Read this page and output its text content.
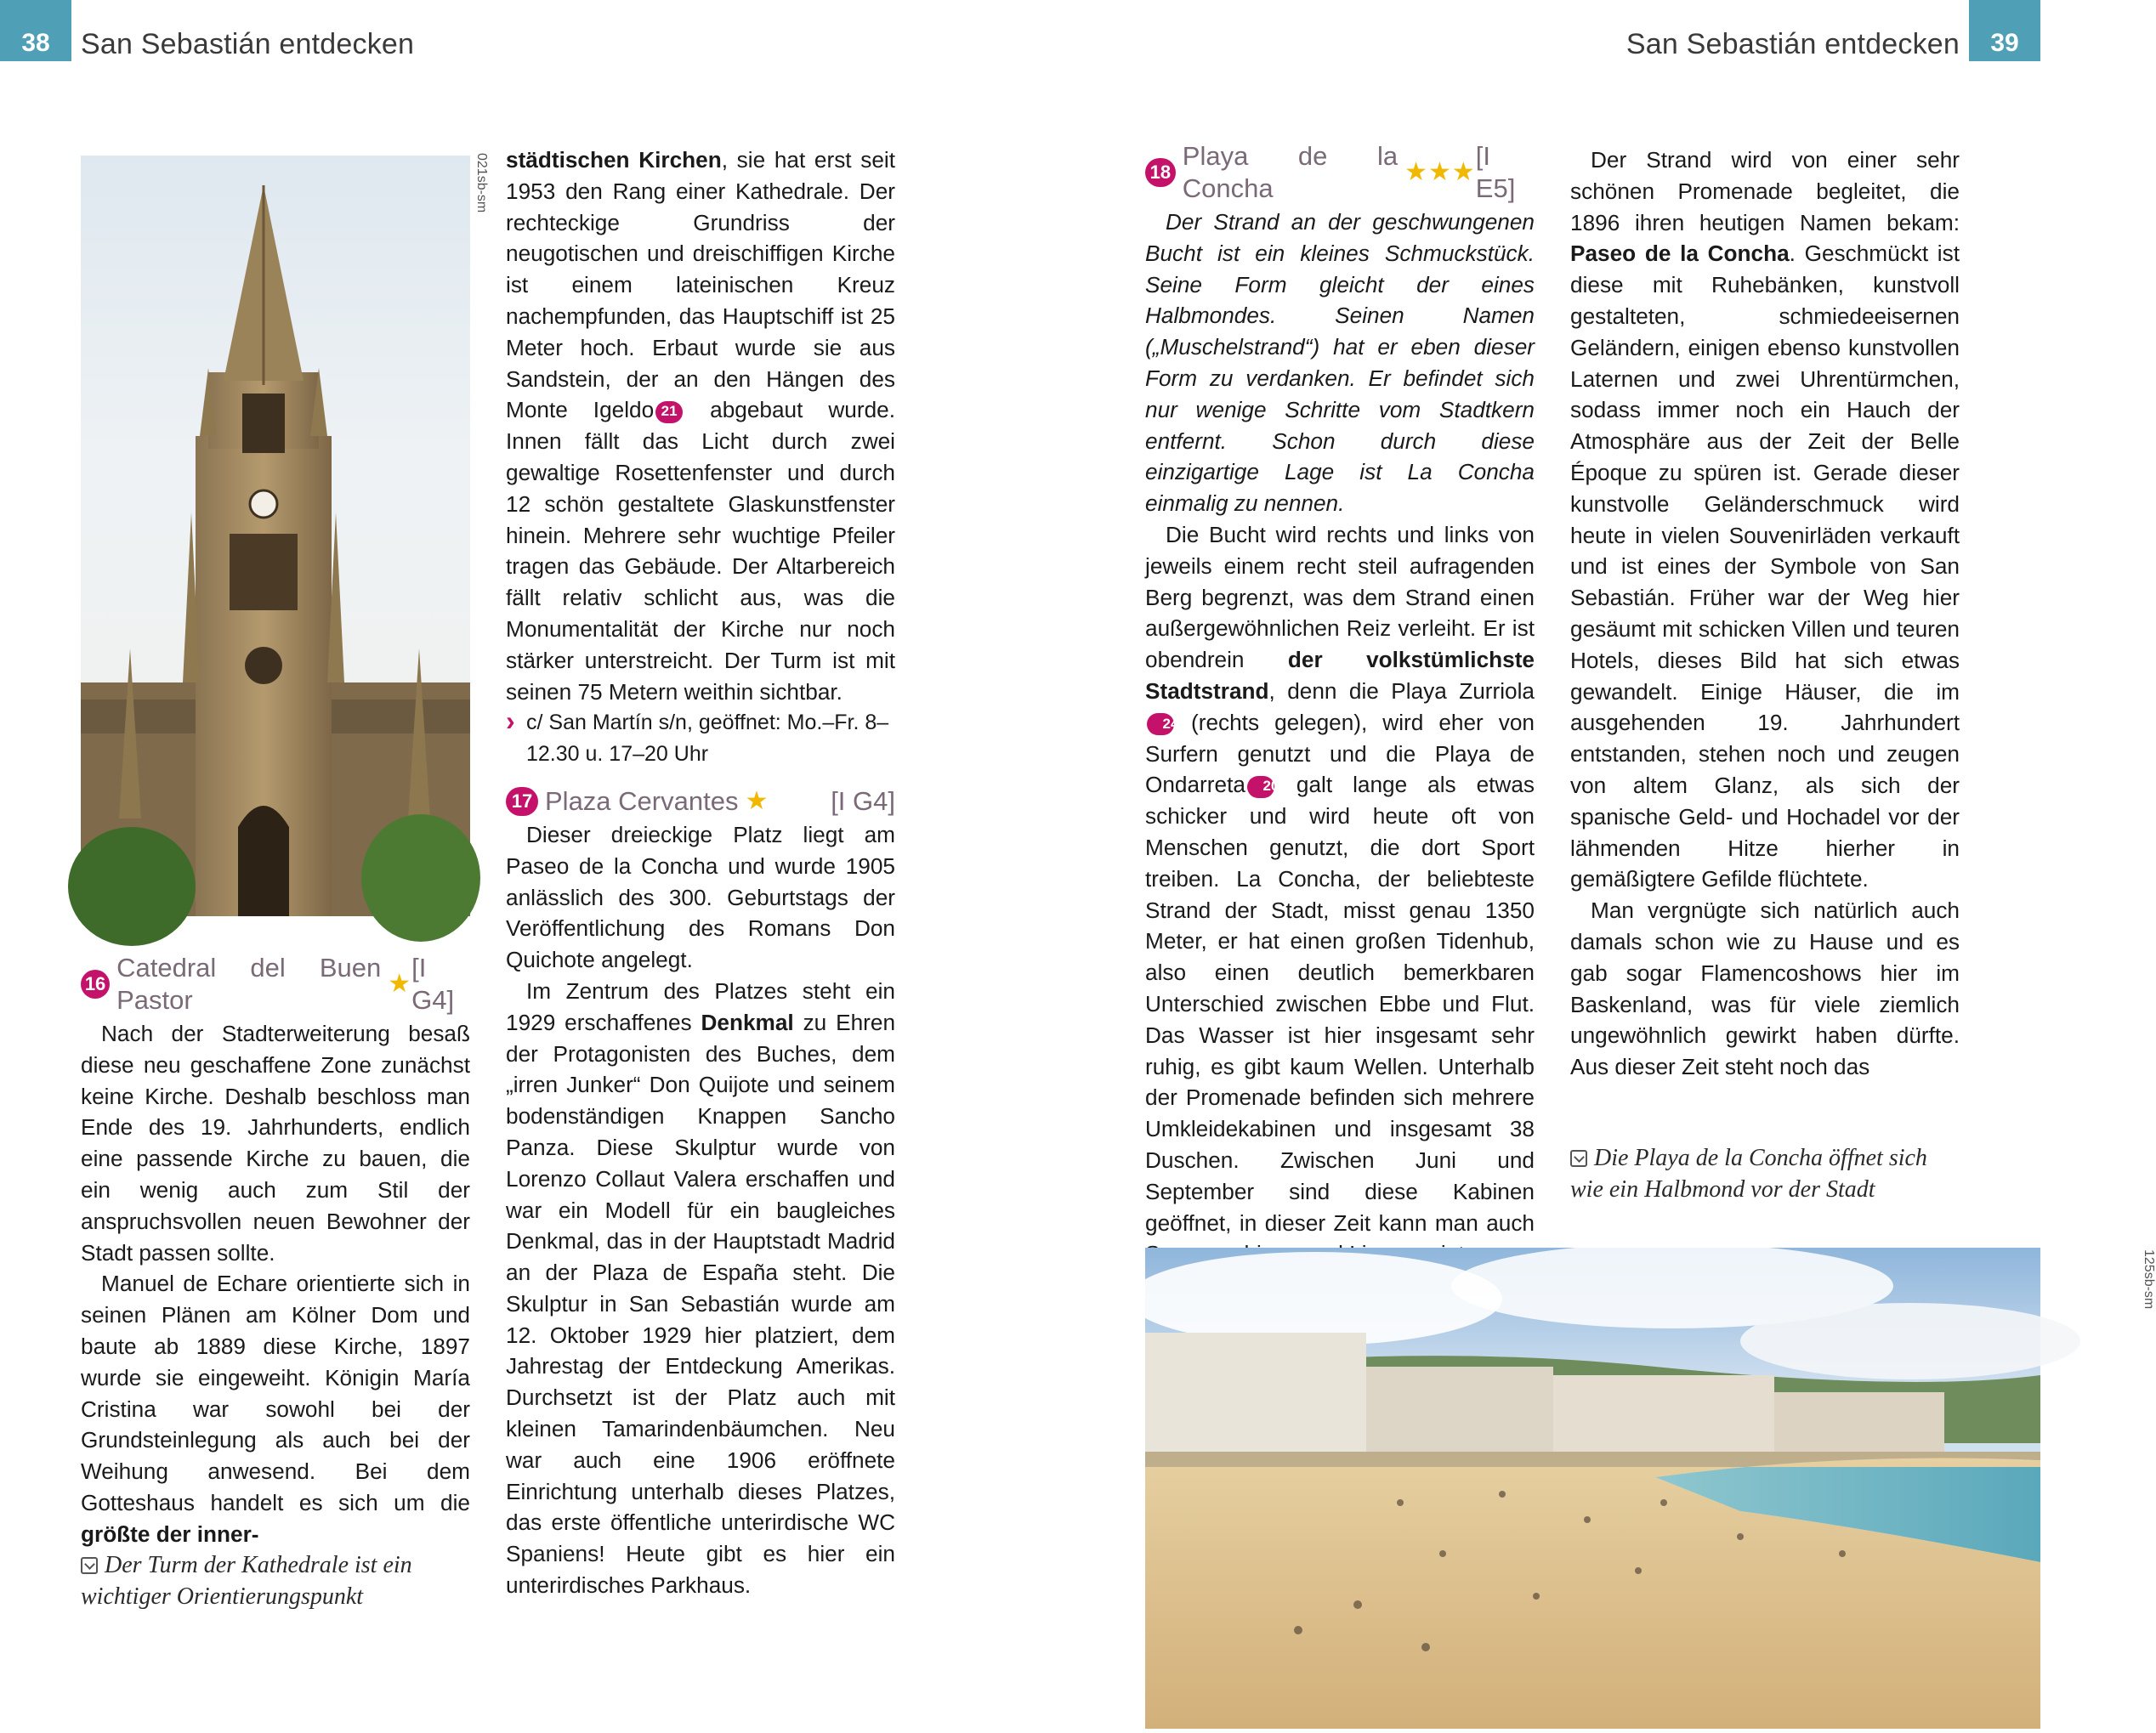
38	San Sebastián entdecken
021sb-sm
16
Catedral del Buen Pastor
★
[I G4]

Nach der Stadterweiterung besaß diese neu geschaffene Zone zunächst keine Kirche. Deshalb beschloss man Ende des 19. Jahrhunderts, endlich eine passende Kirche zu bauen, die ein wenig auch zum Stil der anspruchsvollen neuen Bewohner der Stadt passen sollte.

Manuel de Echare orientierte sich in seinen Plänen am Kölner Dom und baute ab 1889 diese Kirche, 1897 wurde sie eingeweiht. Königin María Cristina war sowohl bei der Grundsteinlegung als auch bei der Weihung anwesend. Bei dem Gotteshaus handelt es sich um die größte der inner-

Der Turm der Kathedrale ist ein
wichtiger Orientierungspunkt

städtischen Kirchen, sie hat erst seit 1953 den Rang einer Kathedrale. Der rechteckige Grundriss der neugotischen und dreischiffigen Kirche ist einem lateinischen Kreuz nachempfunden, das Hauptschiff ist 25 Meter hoch. Erbaut wurde sie aus Sandstein, der an den Hängen des Monte Igeldo 21 abgebaut wurde. Innen fällt das Licht durch zwei gewaltige Rosettenfenster und durch 12 schön gestaltete Glaskunstfenster hinein. Mehrere sehr wuchtige Pfeiler tragen das Gebäude. Der Altarbereich fällt relativ schlicht aus, was die Monumentalität der Kirche nur noch stärker unterstreicht. Der Turm ist mit seinen 75 Metern weithin sichtbar.

› c/ San Martín s/n, geöffnet: Mo.–Fr. 8–12.30 u. 17–20 Uhr
17 Plaza Cervantes ★ [I G4]

Dieser dreieckige Platz liegt am Paseo de la Concha und wurde 1905 anlässlich des 300. Geburtstags der Veröffentlichung des Romans Don Quichote angelegt.

Im Zentrum des Platzes steht ein 1929 erschaffenes Denkmal zu Ehren der Protagonisten des Buches, dem „irren Junker“ Don Quijote und seinem bodenständigen Knappen Sancho Panza. Diese Skulptur wurde von Lorenzo Collaut Valera erschaffen und war ein Modell für ein baugleiches Denkmal, das in der Hauptstadt Madrid an der Plaza de España steht. Die Skulptur in San Sebastián wurde am 12. Oktober 1929 hier platziert, dem Jahrestag der Entdeckung Amerikas. Durchsetzt ist der Platz auch mit kleinen Tamarindenbäumchen. Neu war auch eine 1906 eröffnete Einrichtung unterhalb dieses Platzes, das erste öffentliche unterirdische WC Spaniens! Heute gibt es hier ein unterirdisches Parkhaus.

San Sebastián entdecken	39
18
Playa de la Concha
★★★
[I E5]

Der Strand an der geschwungenen Bucht ist ein kleines Schmuckstück. Seine Form gleicht der eines Halbmondes. Seinen Namen („Muschelstrand“) hat er eben dieser Form zu verdanken. Er befindet sich nur wenige Schritte vom Stadtkern entfernt. Schon durch diese einzigartige Lage ist La Concha einmalig zu nennen.

Die Bucht wird rechts und links von jeweils einem recht steil aufragenden Berg begrenzt, was dem Strand einen außergewöhnlichen Reiz verleiht. Er ist obendrein der volkstümlichste Stadtstrand, denn die Playa Zurriola24 (rechts gelegen), wird eher von Surfern genutzt und die Playa de Ondarreta 20 galt lange als etwas schicker und wird heute oft von Menschen genutzt, die dort Sport treiben. La Concha, der beliebteste Strand der Stadt, misst genau 1350 Meter, er hat einen großen Tidenhub, also einen deutlich bemerkbaren Unterschied zwischen Ebbe und Flut. Das Wasser ist hier insgesamt sehr ruhig, es gibt kaum Wellen. Unterhalb der Promenade befinden sich mehrere Umkleidekabinen und insgesamt 38 Duschen. Zwischen Juni und September sind diese Kabinen geöffnet, in dieser Zeit kann man auch

Der Strand wird von einer sehr schönen Promenade begleitet, die 1896 ihren heutigen Namen bekam: Paseo de la Concha. Geschmückt ist diese mit Ruhebänken, kunstvoll gestalteten, schmiedeeisernen Geländern, einigen ebenso kunstvollen Laternen und zwei Uhrentürmchen, sodass immer noch ein Hauch der Atmosphäre aus der Zeit der Belle Époque zu spüren ist. Gerade dieser kunstvolle Geländerschmuck wird heute in vielen Souvenirläden verkauft und ist eines der Symbole von San Sebastián. Früher war der Weg hier gesäumt mit schicken Villen und teuren Hotels, dieses Bild hat sich etwas gewandelt. Einige Häuser, die im ausgehenden 19. Jahrhundert entstanden, stehen noch und zeugen von altem Glanz, als sich der spanische Geld- und Hochadel vor der lähmenden Hitze hierher in gemäßigtere Gefilde flüchtete.

Man vergnügte sich natürlich auch damals schon wie zu Hause und es gab sogar Flamencoshows hier im Baskenland, was für viele ziemlich ungewöhnlich gewirkt haben dürfte. Aus dieser Zeit steht noch das

Die Playa de la Concha öffnet sich
wie ein Halbmond vor der Stadt
125sb-sm
